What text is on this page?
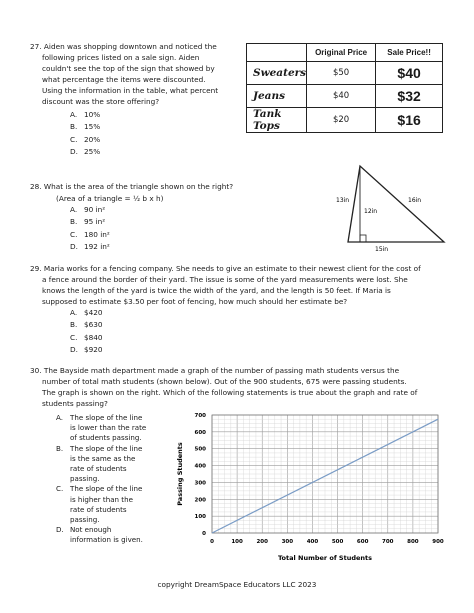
27. Aiden was shopping downtown and noticed the
following prices listed on a sale sign. Aiden
couldn't see the top of the sign that showed by
what percentage the items were discounted.
Using the information in the table, what percent
discount was the store offering?
A. 10%
B. 15%
C. 20%
D. 25%
	Original Price	Sale Price!!
Sweaters	$50	$40
Jeans	$40	$32
Tank Tops	$20	$16
28. What is the area of the triangle shown on the right?
(Area of a triangle = ½ b x h)
A. 90 in²
B. 95 in²
C. 180 in²
D. 192 in²
13in	16in
12in
15in
29. Maria works for a fencing company. She needs to give an estimate to their newest client for the cost of
a fence around the border of their yard. The issue is some of the yard measurements were lost. She
knows the length of the yard is twice the width of the yard, and the length is 50 feet. If Maria is
supposed to estimate $3.50 per foot of fencing, how much should her estimate be?
A. $420
B. $630
C. $840
D. $920
30. The Bayside math department made a graph of the number of passing math students versus the
number of total math students (shown below). Out of the 900 students, 675 were passing students.
The graph is shown on the right. Which of the following statements is true about the graph and rate of
students passing?
A. The slope of the line
is lower than the rate
of students passing.
B. The slope of the line
is the same as the
rate of students
passing.
C. The slope of the line
is higher than the
rate of students
passing.
D. Not enough
information is given.	0	100 200 300 400 500 600 700 800 900
0
100
200
300
400
500
600
700
Total Number of Students
Passing Students
copyright DreamSpace Educators LLC 2023
